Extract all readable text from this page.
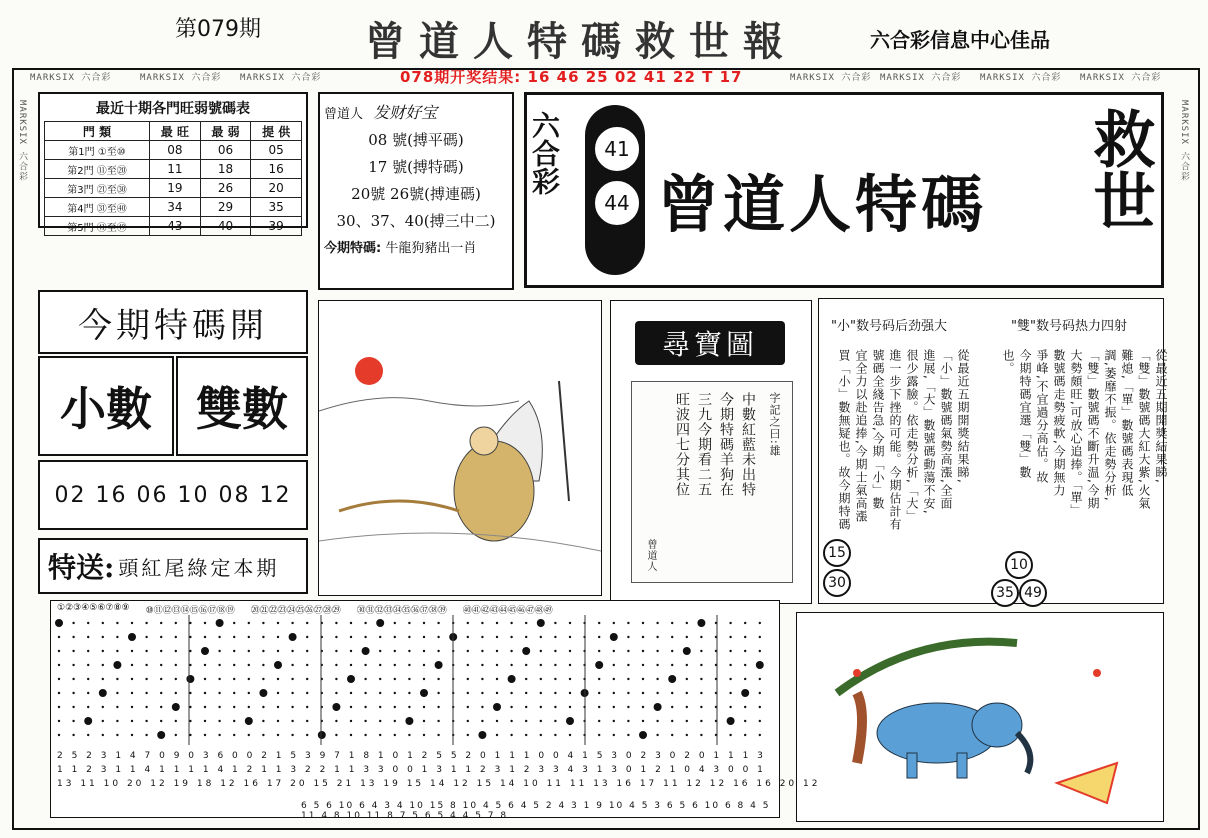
第079期	曾道人特碼救世報	六合彩信息中心佳品
MARKSIX 六合彩	MARKSIX 六合彩 MARKSIX 六合彩	MARKSIX 六合彩 MARKSIX 六合彩 MARKSIX 六合彩 MARKSIX 六合彩
078期开奖结果: 16 46 25 02 41 22 T 17
MARKSIX 六合彩	MARKSIX 六合彩
最近十期各門旺弱號碼表
門 類	最 旺	最 弱	提 供
第1門 ①至⑩	08	06	05
第2門 ⑪至⑳	11	18	16
第3門 ㉑至㉚	19	26	20
第4門 ㉛至㊵	34	29	35
第5門 ㊶至㊾	43	40	39
曾道人 发财好宝
08 號(搏平碼)
17 號(搏特碼)
20號 26號(搏連碼)
30、37、40(搏三中二)
今期特碼: 牛龍狗豬出一肖
六合彩	41
44 曾道人特碼 救世
今期特碼開
小數 雙數
02 16 06 10 08 12
特送: 頭紅尾綠定本期
尋寶圖
字記之曰:雄
中數紅藍未出特
今期特碼羊狗在
三九今期看二五
旺波四七分其位
曾道人
"小"数号码后劲强大	"雙"数号码热力四射
從最近五期開獎結果睇,
「小」數號碼氣勢高漲,全面
進展,「大」數號碼動蕩不安,
很少露臉。依走勢分析,「大」
進一步下挫的可能。今期估計有
號碼全綫告急,今期「小」數
宜全力以赴追捧,今期士氣高漲
買「小」數無疑也。故今期特碼	從最近五期開獎結果睇,
「雙」數號碼大紅大紫,火氣
難熄,「單」數號碼表現低
調,萎靡不振。依走勢分析,
「雙」數號碼不斷升温,今期
大勢頗旺,可放心追捧。「單」
數號碼走勢疲軟,今期無力
爭峰,不宜過分高估。故
今期特碼宜選「雙」數
也。
15
30
10
35 49
①②③④⑤⑥⑦⑧⑨ ⑩⑪⑫⑬⑭⑮⑯⑰⑱⑲ ⑳㉑㉒㉓㉔㉕㉖㉗㉘㉙ ㉚㉛㉜㉝㉞㉟㊱㊲㊳㊴ ㊵㊶㊷㊸㊹㊺㊻㊼㊽㊾
2 5 2 3 1 4 7 0 9 0 3 6 0 0 2 1 5 3 9 7 1 8 1 0 1 2 5 5 2 0 1 1 1 0 0 4 1 5 3 0 2 3 0 2 0 1 1 1 3
1 1 2 3 1 1 4 1 1 1 1 4 1 2 1 1 3 2 2 1 1 3 3 0 0 1 3 1 1 2 3 1 2 3 3 4 3 1 3 0 1 2 1 0 4 3 0 0 1
13 11 10 20 12 19 18 12 16 17 20 15 21 13 19 15 14 12 15 14 10 11 11 13 16 17 11 12 12 16 16 20 12
6 5 6 10 6 4 3 4 10 15 8 10 4 5 6 4 5 2 4 3 1 9 10 4 5 3 6 5 6 10 6 8 4 5 11 4 8 10 11 8 7 5 6 5 4 4 5 7 8
